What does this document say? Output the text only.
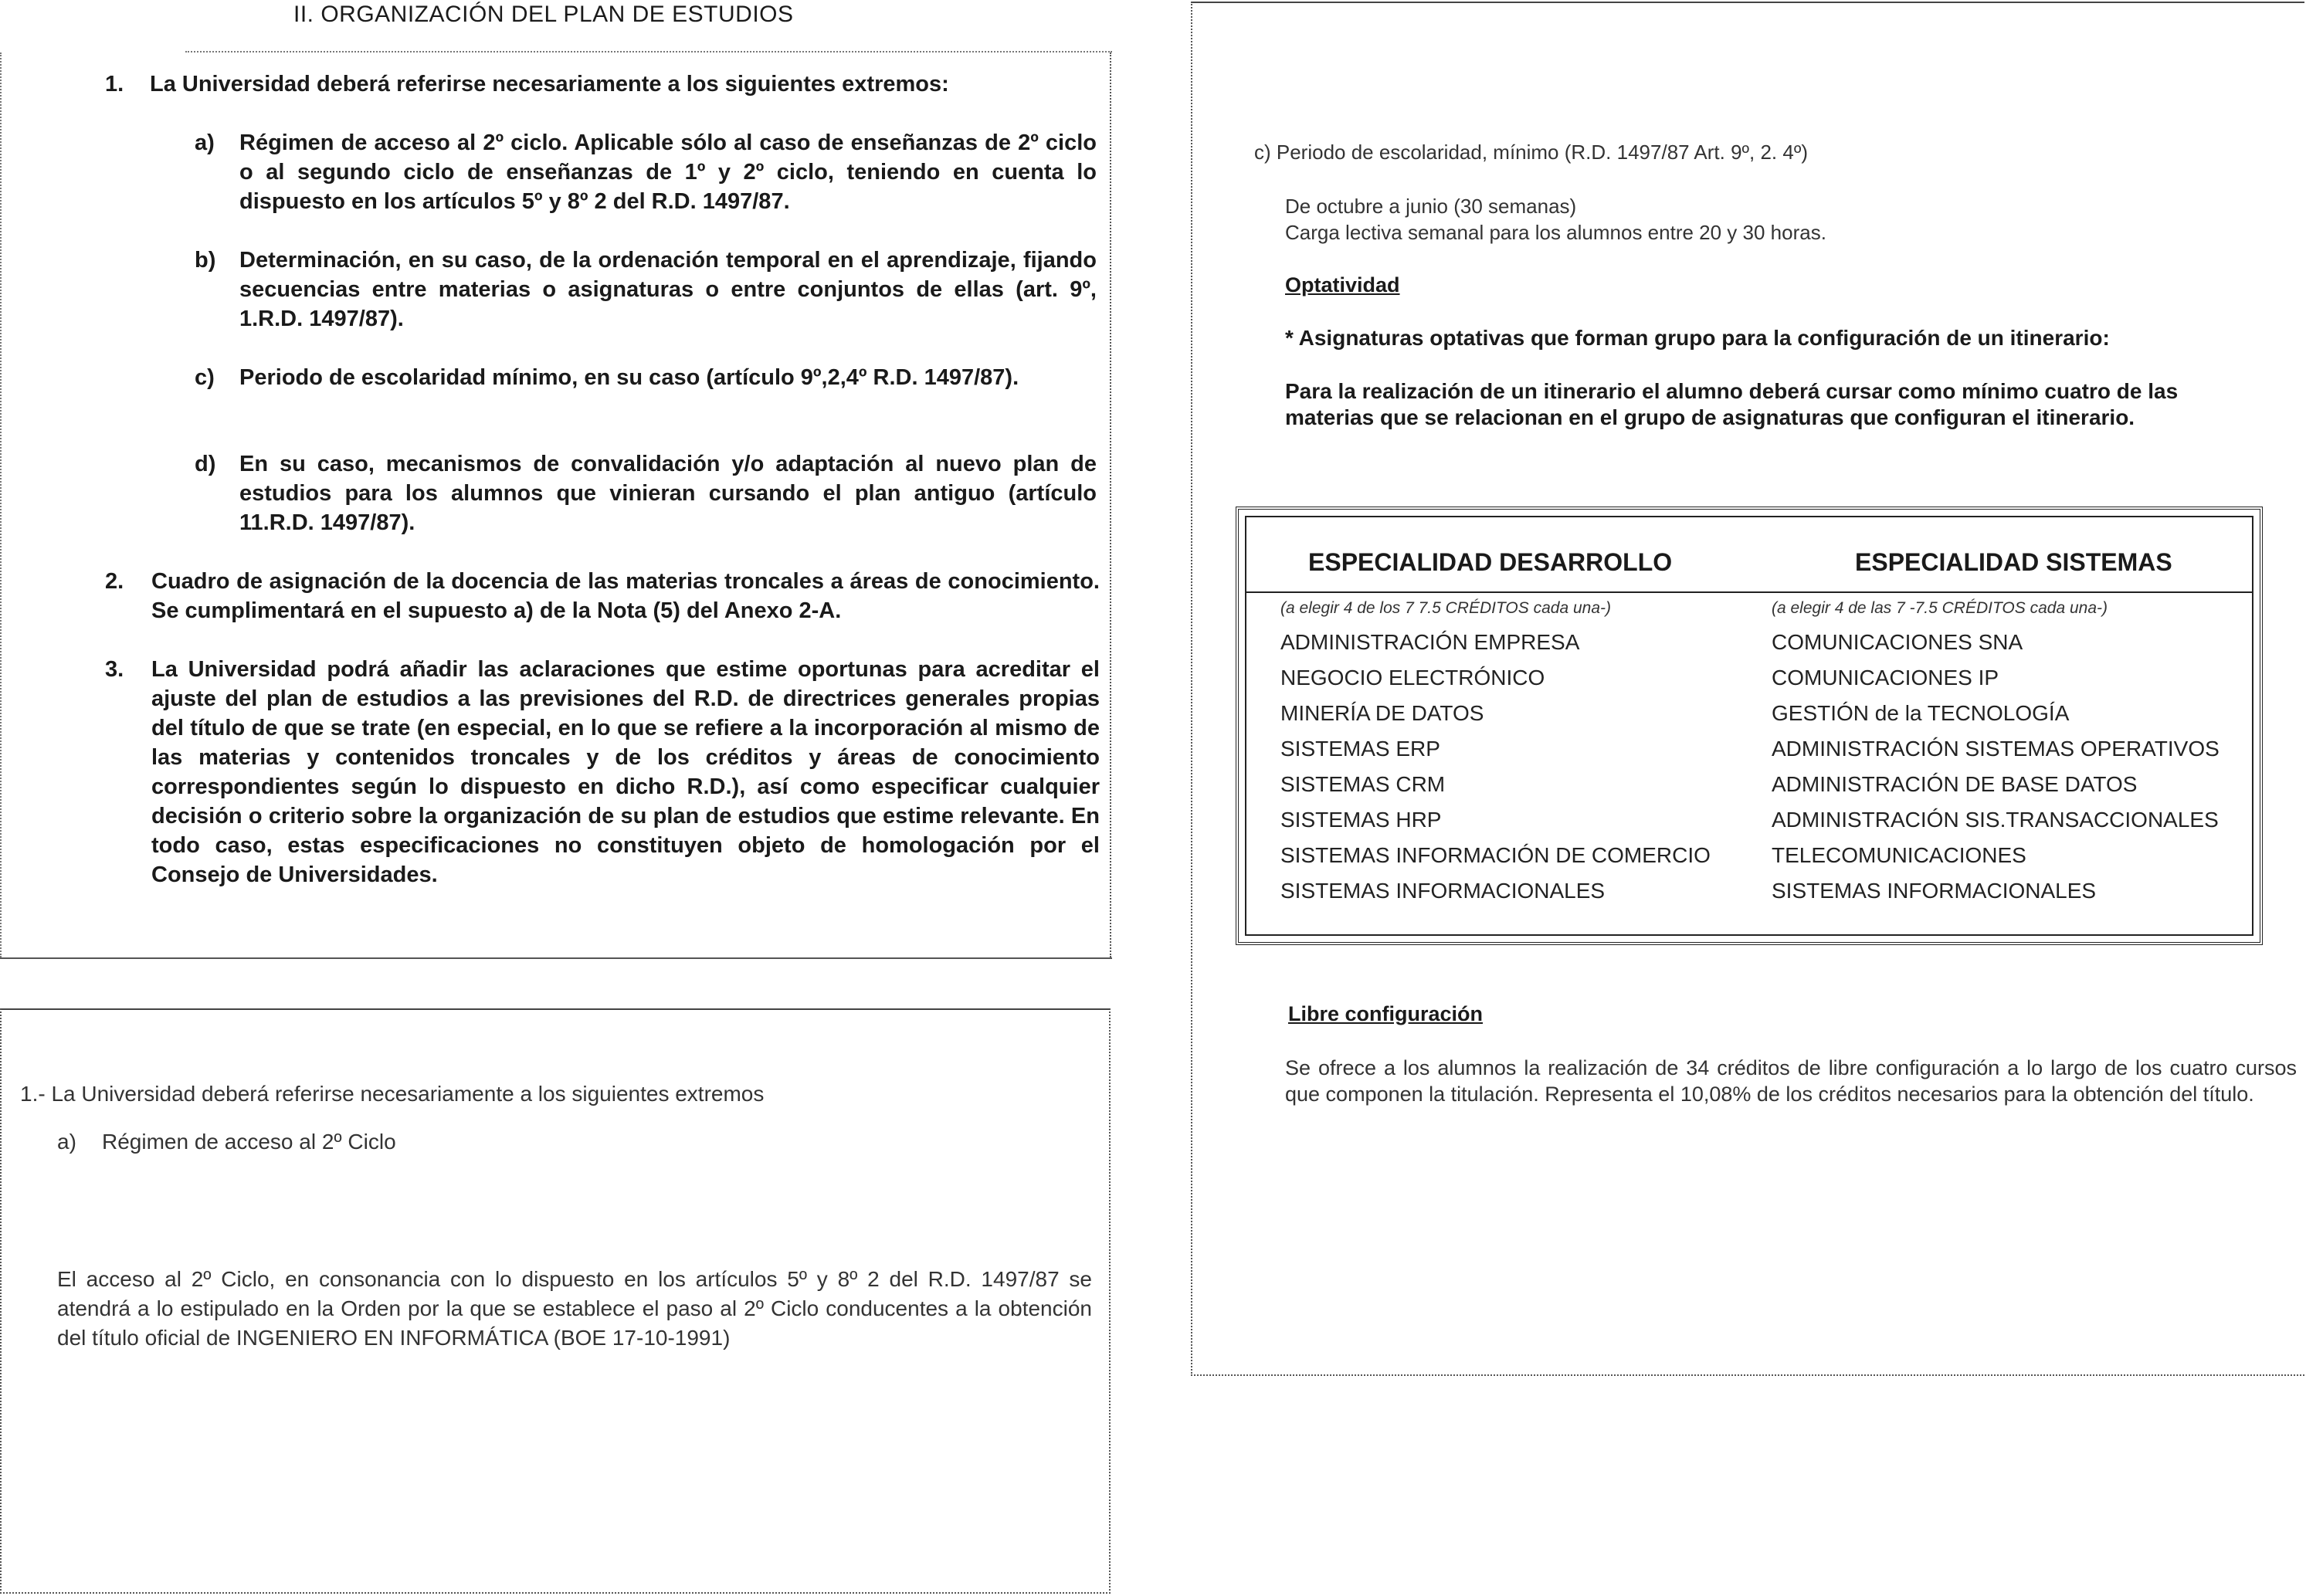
II. ORGANIZACIÓN DEL PLAN DE ESTUDIOS
1. La Universidad deberá referirse necesariamente a los siguientes extremos:
a) Régimen de acceso al 2º ciclo. Aplicable sólo al caso de enseñanzas de 2º ciclo o al segundo ciclo de enseñanzas de 1º y 2º ciclo, teniendo en cuenta lo dispuesto en los artículos 5º y 8º 2 del R.D. 1497/87.
b) Determinación, en su caso, de la ordenación temporal en el aprendizaje, fijando secuencias entre materias o asignaturas o entre conjuntos de ellas (art. 9º, 1.R.D. 1497/87).
c) Periodo de escolaridad mínimo, en su caso (artículo 9º,2,4º R.D. 1497/87).
d) En su caso, mecanismos de convalidación y/o adaptación al nuevo plan de estudios para los alumnos que vinieran cursando el plan antiguo (artículo 11.R.D. 1497/87).
2. Cuadro de asignación de la docencia de las materias troncales a áreas de conocimiento. Se cumplimentará en el supuesto a) de la Nota (5) del Anexo 2-A.
3. La Universidad podrá añadir las aclaraciones que estime oportunas para acreditar el ajuste del plan de estudios a las previsiones del R.D. de directrices generales propias del título de que se trate (en especial, en lo que se refiere a la incorporación al mismo de las materias y contenidos troncales y de los créditos y áreas de conocimiento correspondientes según lo dispuesto en dicho R.D.), así como especificar cualquier decisión o criterio sobre la organización de su plan de estudios que estime relevante. En todo caso, estas especificaciones no constituyen objeto de homologación por el Consejo de Universidades.
1.- La Universidad deberá referirse necesariamente a los siguientes extremos
a) Régimen de acceso al 2º Ciclo
El acceso al 2º Ciclo, en consonancia con lo dispuesto en los artículos 5º y 8º 2 del R.D. 1497/87 se atendrá a lo estipulado en la Orden por la que se establece el paso al 2º Ciclo conducentes a la obtención del título oficial de INGENIERO EN INFORMÁTICA (BOE 17-10-1991)
c) Periodo de escolaridad, mínimo (R.D. 1497/87 Art. 9º, 2. 4º)
De octubre a junio (30 semanas)
Carga lectiva semanal para los alumnos entre 20 y 30 horas.
Optatividad
* Asignaturas optativas que forman grupo para la configuración de un itinerario:
Para la realización de un itinerario el alumno deberá cursar como mínimo cuatro de las materias que se relacionan en el grupo de asignaturas que configuran el itinerario.
ESPECIALIDAD DESARROLLO	ESPECIALIDAD SISTEMAS
(a elegir 4 de los 7 7.5 CRÉDITOS cada una-)	(a elegir 4 de las 7 -7.5 CRÉDITOS cada una-)
ADMINISTRACIÓN EMPRESA
NEGOCIO ELECTRÓNICO
MINERÍA DE DATOS
SISTEMAS ERP
SISTEMAS CRM
SISTEMAS HRP
SISTEMAS INFORMACIÓN DE COMERCIO
SISTEMAS INFORMACIONALES
COMUNICACIONES SNA
COMUNICACIONES IP
GESTIÓN de la TECNOLOGÍA
ADMINISTRACIÓN SISTEMAS OPERATIVOS
ADMINISTRACIÓN DE BASE DATOS
ADMINISTRACIÓN SIS.TRANSACCIONALES
TELECOMUNICACIONES
SISTEMAS INFORMACIONALES
Libre configuración
Se ofrece a los alumnos la realización de 34 créditos de libre configuración a lo largo de los cuatro cursos que componen la titulación. Representa el 10,08% de los créditos necesarios para la obtención del título.
